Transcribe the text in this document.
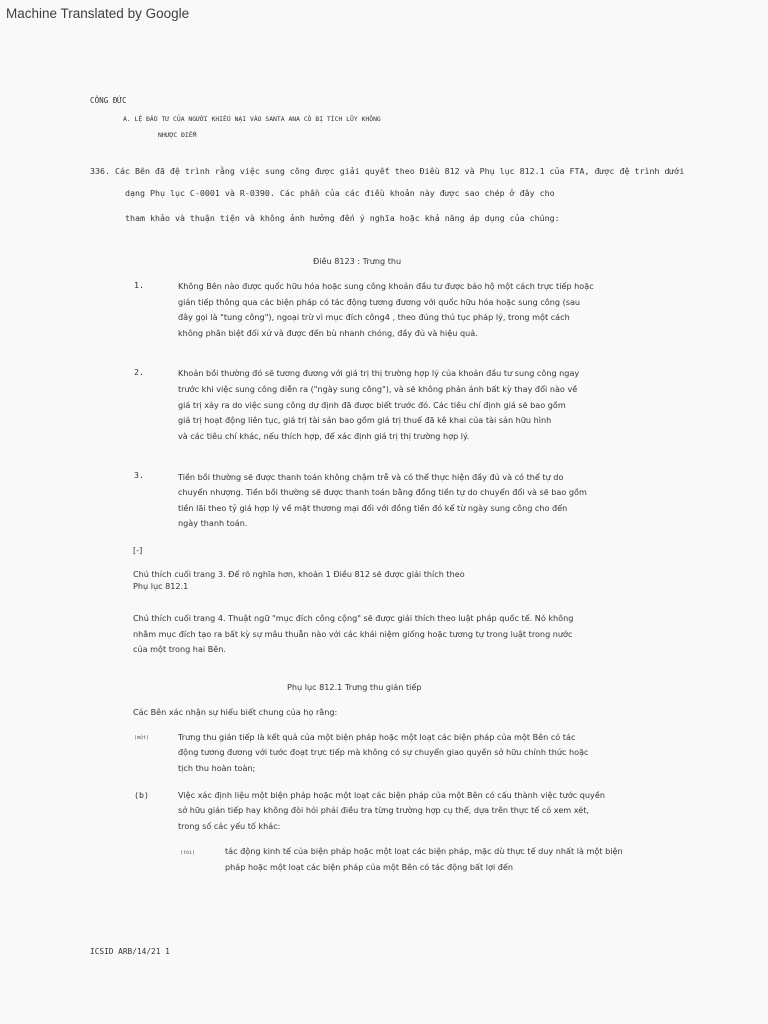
Machine Translated by Google
CÔNG ĐỨC
A. LỆ ĐẦU TƯ CỦA NGƯỜI KHIẾU NẠI VÀO SANTA ANA CÓ BỊ TÍCH LŨY KHÔNG
NHƯỢC ĐIỂM
336. Các Bên đã đệ trình rằng việc sung công được giải quyết theo Điều 812 và Phụ lục 812.1 của FTA, được đệ trình dưới
dạng Phụ lục C-0001 và R-0390. Các phần của các điều khoản này được sao chép ở đây cho
tham khảo và thuận tiện và không ảnh hưởng đến ý nghĩa hoặc khả năng áp dụng của chúng:
Điều 8123 : Trưng thu
1.	Không Bên nào được quốc hữu hóa hoặc sung công khoản đầu tư được bảo hộ một cách trực tiếp hoặc
gián tiếp thông qua các biện pháp có tác động tương đương với quốc hữu hóa hoặc sung công (sau
đây gọi là "tung công"), ngoại trừ vì mục đích công4 , theo đúng thủ tục pháp lý, trong một cách
không phân biệt đối xử và được đền bù nhanh chóng, đầy đủ và hiệu quả.
2.	Khoản bồi thường đó sẽ tương đương với giá trị thị trường hợp lý của khoản đầu tư sung công ngay
trước khi việc sung công diễn ra ("ngày sung công"), và sẽ không phản ánh bất kỳ thay đổi nào về
giá trị xảy ra do việc sung công dự định đã được biết trước đó. Các tiêu chí định giá sẽ bao gồm
giá trị hoạt động liên tục, giá trị tài sản bao gồm giá trị thuế đã kê khai của tài sản hữu hình
và các tiêu chí khác, nếu thích hợp, để xác định giá trị thị trường hợp lý.
3.	Tiền bồi thường sẽ được thanh toán không chậm trễ và có thể thực hiện đầy đủ và có thể tự do
chuyển nhượng. Tiền bồi thường sẽ được thanh toán bằng đồng tiền tự do chuyển đổi và sẽ bao gồm
tiền lãi theo tỷ giá hợp lý về mặt thương mại đối với đồng tiền đó kể từ ngày sung công cho đến
ngày thanh toán.
[-]
Chú thích cuối trang 3. Để rõ nghĩa hơn, khoản 1 Điều 812 sẽ được giải thích theo
Phụ lục 812.1
Chú thích cuối trang 4. Thuật ngữ "mục đích công cộng" sẽ được giải thích theo luật pháp quốc tế. Nó không
nhằm mục đích tạo ra bất kỳ sự mâu thuẫn nào với các khái niệm giống hoặc tương tự trong luật trong nước
của một trong hai Bên.
Phụ lục 812.1 Trưng thu gián tiếp
Các Bên xác nhận sự hiểu biết chung của họ rằng:
(một)	Trưng thu gián tiếp là kết quả của một biện pháp hoặc một loạt các biện pháp của một Bên có tác
động tương đương với tước đoạt trực tiếp mà không có sự chuyển giao quyền sở hữu chính thức hoặc
tịch thu hoàn toàn;
(b)	Việc xác định liệu một biện pháp hoặc một loạt các biện pháp của một Bên có cấu thành việc tước quyền
sở hữu gián tiếp hay không đòi hỏi phải điều tra từng trường hợp cụ thể, dựa trên thực tế có xem xét,
trong số các yếu tố khác:
(tôi)	tác động kinh tế của biện pháp hoặc một loạt các biện pháp, mặc dù thực tế duy nhất là một biện
pháp hoặc một loạt các biện pháp của một Bên có tác động bất lợi đến
ICSID ARB/14/21 1
